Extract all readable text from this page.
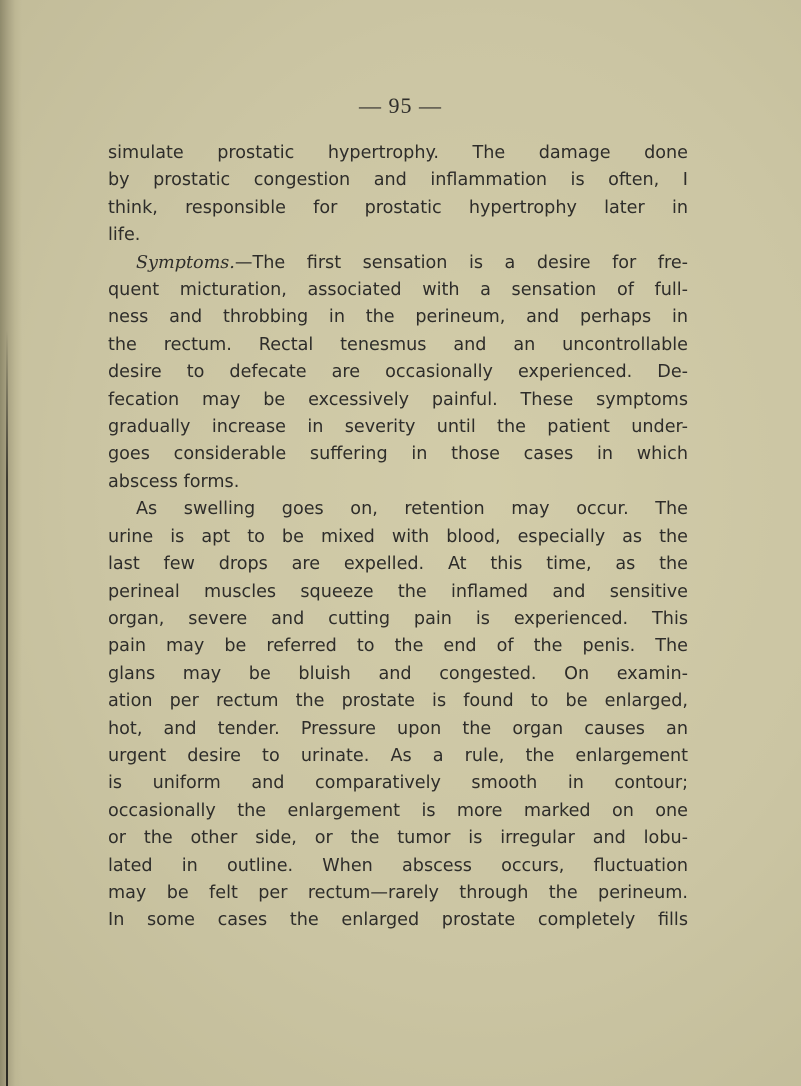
— 95 —
simulate prostatic hypertrophy. The damage done
by prostatic congestion and inflammation is often, I
think, responsible for prostatic hypertrophy later in
life.
Symptoms.—The first sensation is a desire for fre-
quent micturation, associated with a sensation of full-
ness and throbbing in the perineum, and perhaps in
the rectum. Rectal tenesmus and an uncontrollable
desire to defecate are occasionally experienced. De-
fecation may be excessively painful. These symptoms
gradually increase in severity until the patient under-
goes considerable suffering in those cases in which
abscess forms.
As swelling goes on, retention may occur. The
urine is apt to be mixed with blood, especially as the
last few drops are expelled. At this time, as the
perineal muscles squeeze the inflamed and sensitive
organ, severe and cutting pain is experienced. This
pain may be referred to the end of the penis. The
glans may be bluish and congested. On examin-
ation per rectum the prostate is found to be enlarged,
hot, and tender. Pressure upon the organ causes an
urgent desire to urinate. As a rule, the enlargement
is uniform and comparatively smooth in contour;
occasionally the enlargement is more marked on one
or the other side, or the tumor is irregular and lobu-
lated in outline. When abscess occurs, fluctuation
may be felt per rectum—rarely through the perineum.
In some cases the enlarged prostate completely fills
